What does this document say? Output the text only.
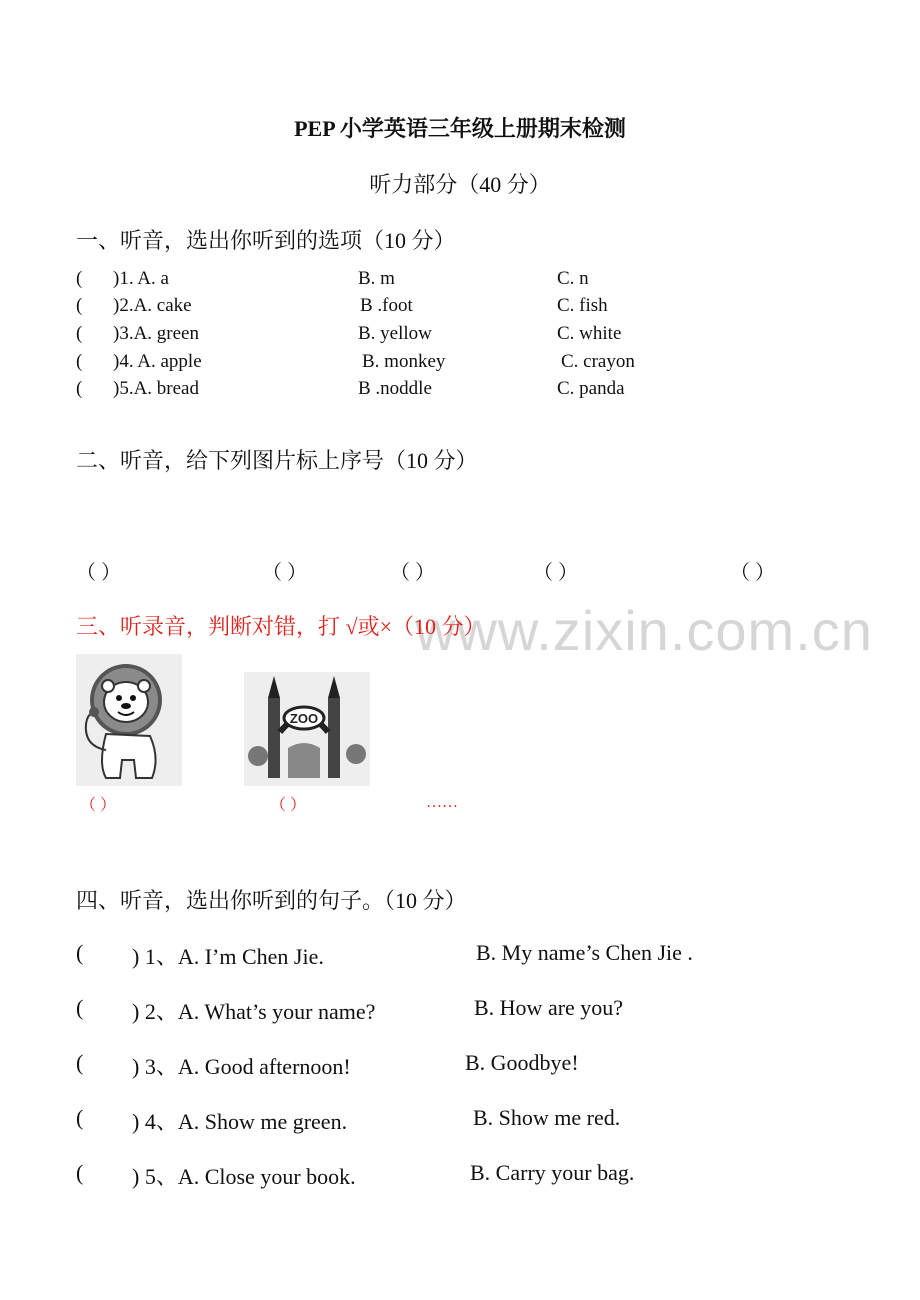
PEP 小学英语三年级上册期末检测
听力部分（40 分）
一、听音，选出你听到的选项（10 分）
( )1. A. a	B. m	C. n
( )2.A. cake	B .foot	C. fish
( )3.A. green	B. yellow	C. white
( )4. A. apple	B. monkey	C. crayon
( )5.A. bread	B .noddle	C. panda
二、听音，给下列图片标上序号（10 分）
（ ）	（ ）	（ ）	（ ）	（ ）
www.zixin.com.cn
三、听录音，判断对错，打 √或×（10 分）
ZOO
（ ）	（ ）	……
四、听音，选出你听到的句子。（10 分）
( ) 1、A. I’m Chen Jie.	B. My name’s Chen Jie .
( ) 2、A. What’s your name?	B. How are you?
( ) 3、A. Good afternoon!	B. Goodbye!
( ) 4、A. Show me green.	B. Show me red.
( ) 5、A. Close your book.	B. Carry your bag.
